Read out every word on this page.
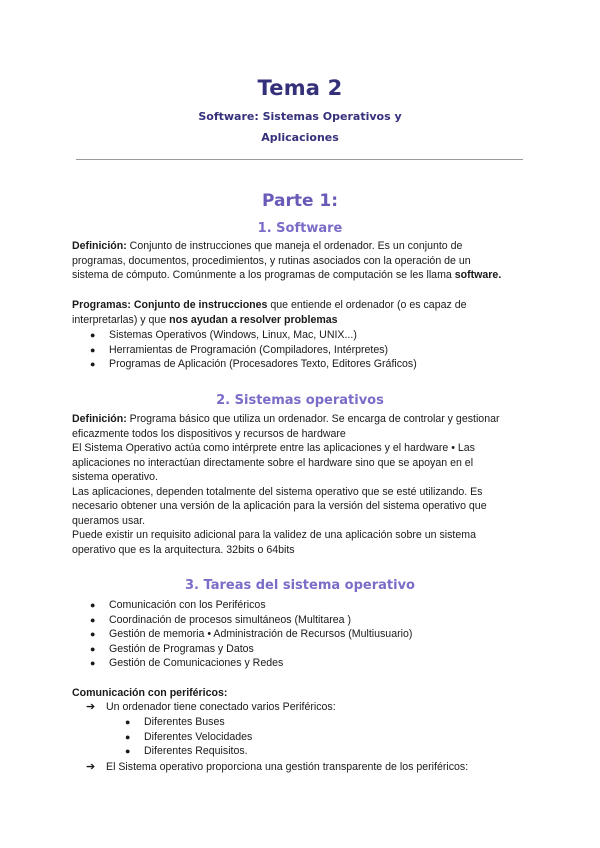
Tema 2
Software: Sistemas Operativos y
Aplicaciones
Parte 1:
1. Software

Definición: Conjunto de instrucciones que maneja el ordenador. Es un conjunto de
programas, documentos, procedimientos, y rutinas asociados con la operación de un
sistema de cómputo. Comúnmente a los programas de computación se les llama software.

Programas: Conjunto de instrucciones que entiende el ordenador (o es capaz de
interpretarlas) y que nos ayudan a resolver problemas

● Sistemas Operativos (Windows, Linux, Mac, UNIX...)
● Herramientas de Programación (Compiladores, Intérpretes)
● Programas de Aplicación (Procesadores Texto, Editores Gráficos)
2. Sistemas operativos

Definición: Programa básico que utiliza un ordenador. Se encarga de controlar y gestionar
eficazmente todos los dispositivos y recursos de hardware
El Sistema Operativo actúa como intérprete entre las aplicaciones y el hardware • Las
aplicaciones no interactúan directamente sobre el hardware sino que se apoyan en el
sistema operativo.
Las aplicaciones, dependen totalmente del sistema operativo que se esté utilizando. Es
necesario obtener una versión de la aplicación para la versión del sistema operativo que
queramos usar.
Puede existir un requisito adicional para la validez de una aplicación sobre un sistema
operativo que es la arquitectura. 32bits o 64bits

3. Tareas del sistema operativo
● Comunicación con los Periféricos
● Coordinación de procesos simultáneos (Multitarea )
● Gestión de memoria • Administración de Recursos (Multiusuario)
● Gestión de Programas y Datos
● Gestión de Comunicaciones y Redes

Comunicación con periféricos:

➔ Un ordenador tiene conectado varios Periféricos:
● Diferentes Buses
● Diferentes Velocidades
● Diferentes Requisitos.
➔ El Sistema operativo proporciona una gestión transparente de los periféricos:
